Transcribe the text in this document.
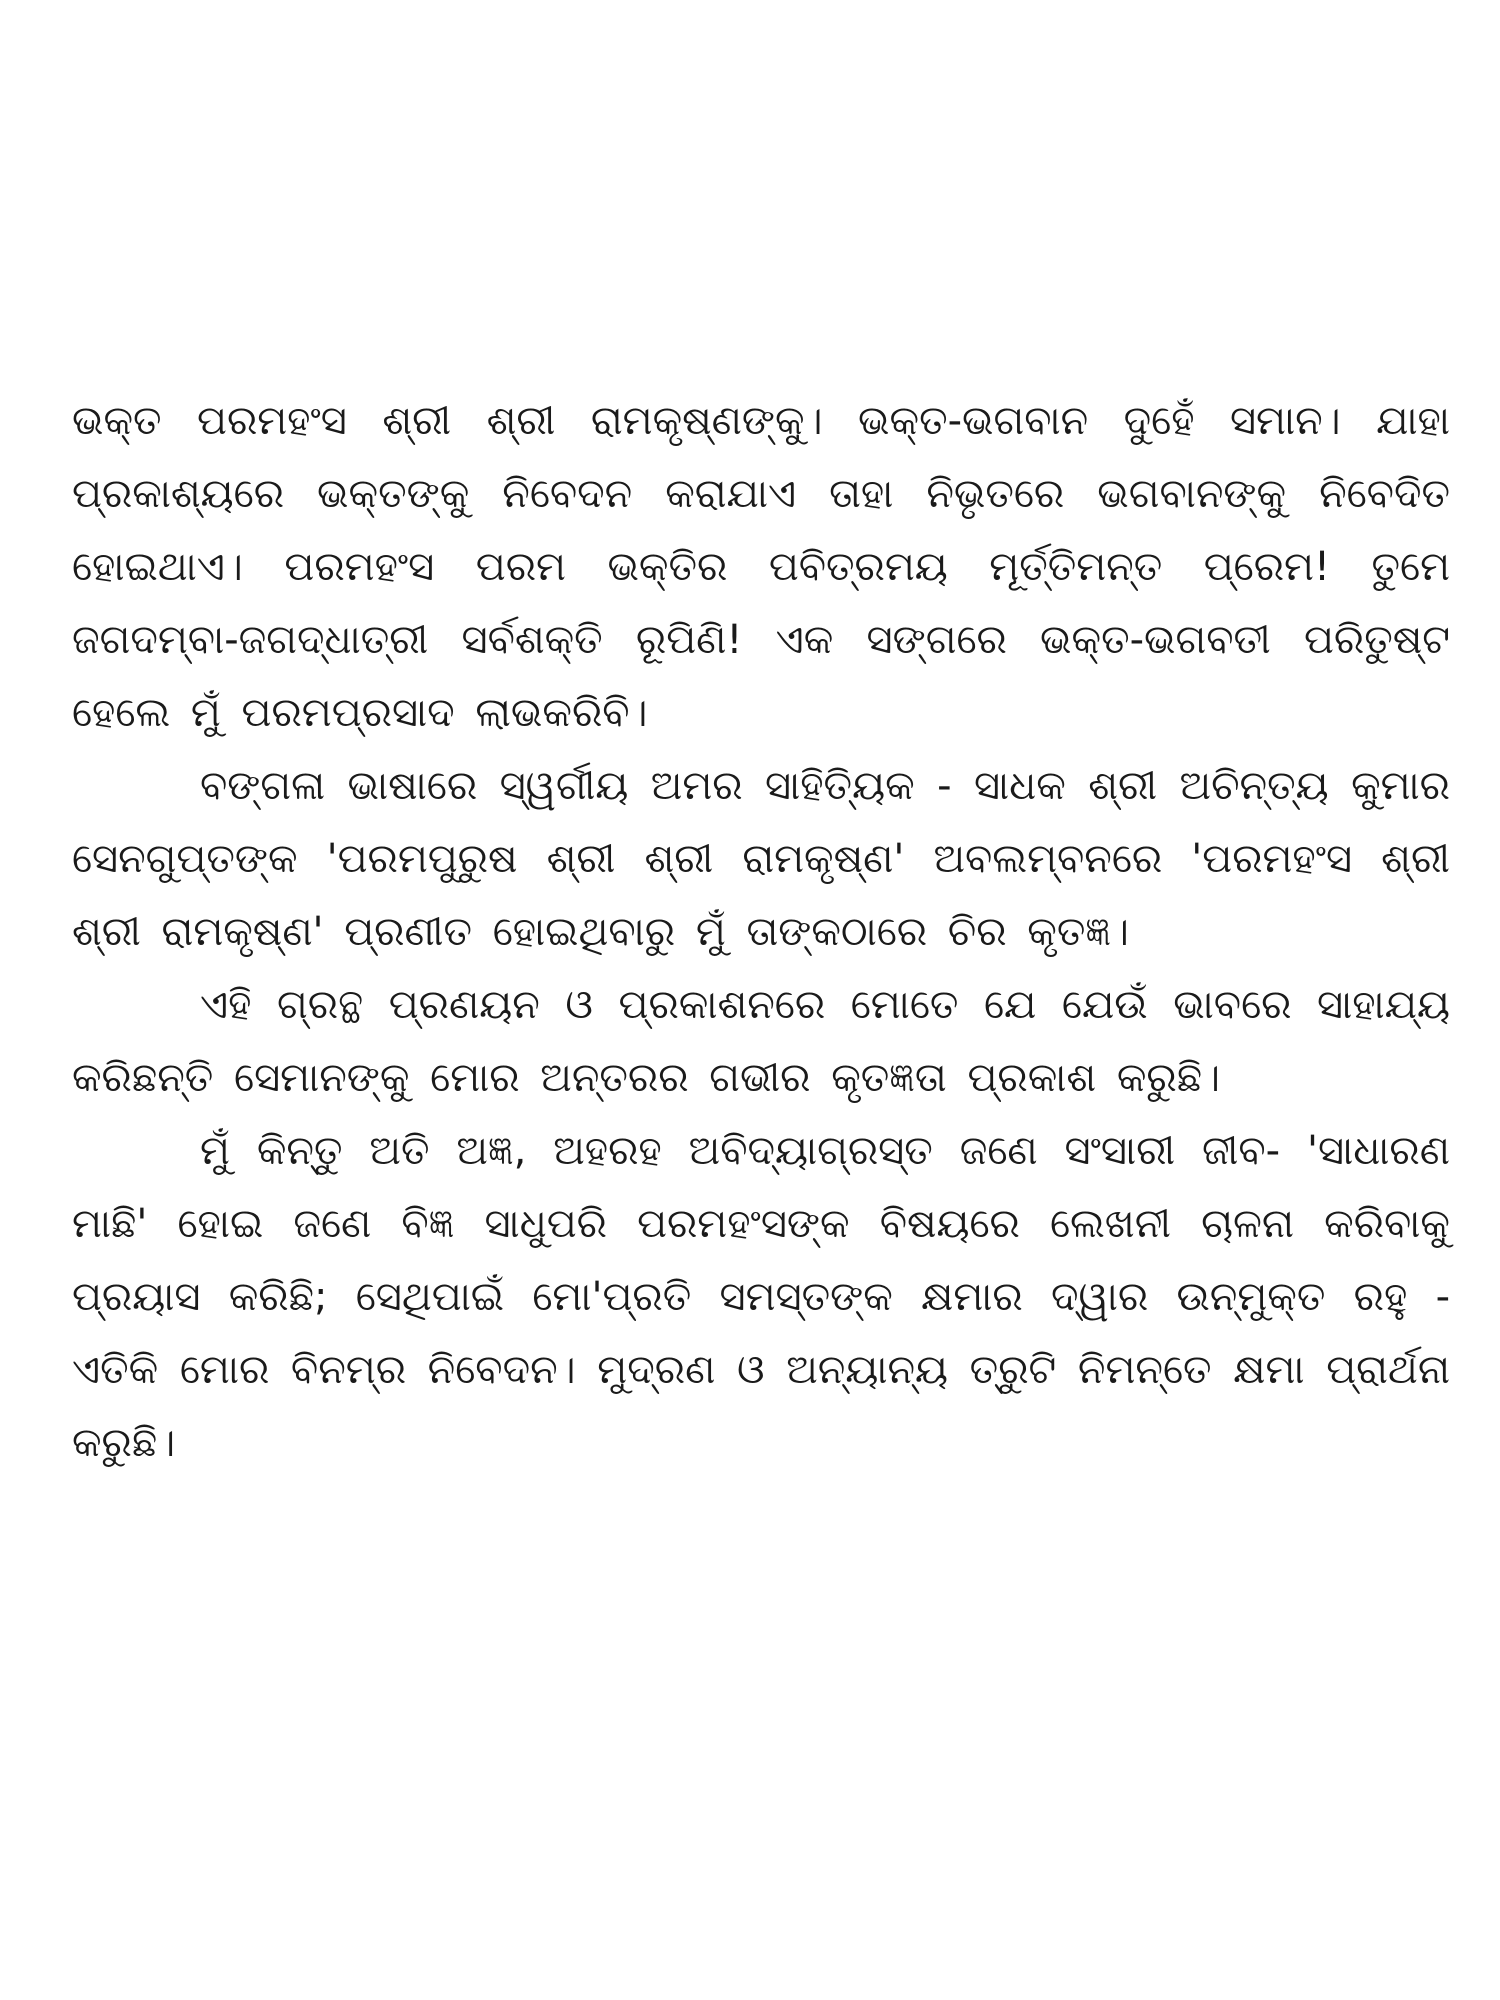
ଭକ୍ତ ପରମହଂସ ଶ୍ରୀ ଶ୍ରୀ ରାମକୃଷ୍ଣଙ୍କୁ। ଭକ୍ତ-ଭଗବାନ ଦୁହେଁ ସମାନ। ଯାହା ପ୍ରକାଶ୍ୟରେ ଭକ୍ତଙ୍କୁ ନିବେଦନ କରାଯାଏ ତାହା ନିଭୃତରେ ଭଗବାନଙ୍କୁ ନିବେଦିତ ହୋଇଥାଏ। ପରମହଂସ ପରମ ଭକ୍ତିର ପବିତ୍ରମୟ ମୂର୍ତ୍ତିମନ୍ତ ପ୍ରେମ! ତୁମେ ଜଗଦମ୍ବା-ଜଗଦ୍ଧାତ୍ରୀ ସର୍ବଶକ୍ତି ରୂପିଣି! ଏକ ସଙ୍ଗରେ ଭକ୍ତ-ଭଗବତୀ ପରିତୁଷ୍ଟ ହେଲେ ମୁଁ ପରମପ୍ରସାଦ ଲାଭକରିବି।

ବଙ୍ଗଳା ଭାଷାରେ ସ୍ୱର୍ଗୀୟ ଅମର ସାହିତ୍ୟିକ - ସାଧକ ଶ୍ରୀ ଅଚିନ୍ତ୍ୟ କୁମାର ସେନଗୁପ୍ତଙ୍କ 'ପରମପୁରୁଷ ଶ୍ରୀ ଶ୍ରୀ ରାମକୃଷ୍ଣ' ଅବଲମ୍ବନରେ 'ପରମହଂସ ଶ୍ରୀ ଶ୍ରୀ ରାମକୃଷ୍ଣ' ପ୍ରଣୀତ ହୋଇଥିବାରୁ ମୁଁ ତାଙ୍କଠାରେ ଚିର କୃତଜ୍ଞ।

ଏହି ଗ୍ରନ୍ଥ ପ୍ରଣୟନ ଓ ପ୍ରକାଶନରେ ମୋତେ ଯେ ଯେଉଁ ଭାବରେ ସାହାଯ୍ୟ କରିଛନ୍ତି ସେମାନଙ୍କୁ ମୋର ଅନ୍ତରର ଗଭୀର କୃତଜ୍ଞତା ପ୍ରକାଶ କରୁଛି।

ମୁଁ କିନ୍ତୁ ଅତି ଅଜ୍ଞ, ଅହରହ ଅବିଦ୍ୟାଗ୍ରସ୍ତ ଜଣେ ସଂସାରୀ ଜୀବ- 'ସାଧାରଣ ମାଛି' ହୋଇ ଜଣେ ବିଜ୍ଞ ସାଧୁପରି ପରମହଂସଙ୍କ ବିଷୟରେ ଲେଖନୀ ଚାଳନା କରିବାକୁ ପ୍ରୟାସ କରିଛି; ସେଥିପାଇଁ ମୋ'ପ୍ରତି ସମସ୍ତଙ୍କ କ୍ଷମାର ଦ୍ୱାର ଉନ୍ମୁକ୍ତ ରହୁ - ଏତିକି ମୋର ବିନମ୍ର ନିବେଦନ। ମୁଦ୍ରଣ ଓ ଅନ୍ୟାନ୍ୟ ତ୍ରୁଟି ନିମନ୍ତେ କ୍ଷମା ପ୍ରାର୍ଥନା କରୁଛି।
